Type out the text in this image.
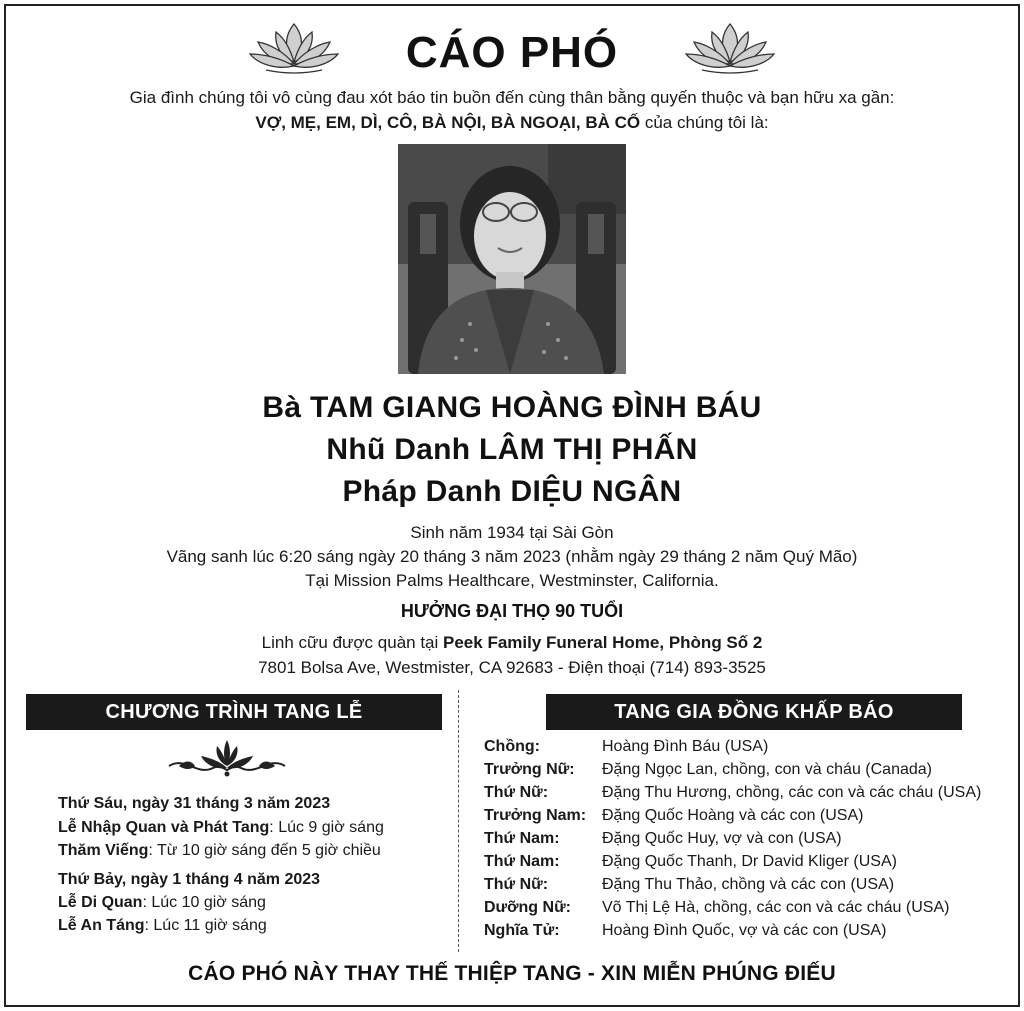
CÁO PHÓ
Gia đình chúng tôi vô cùng đau xót báo tin buồn đến cùng thân bằng quyến thuộc và bạn hữu xa gần:
VỢ, MẸ, EM, DÌ, CÔ, BÀ NỘI, BÀ NGOẠI, BÀ CỐ của chúng tôi là:
Bà TAM GIANG HOÀNG ĐÌNH BÁU
Nhũ Danh LÂM THỊ PHẤN
Pháp Danh DIỆU NGÂN
Sinh năm 1934 tại Sài Gòn
Vãng sanh lúc 6:20 sáng ngày 20 tháng 3 năm 2023 (nhằm ngày 29 tháng 2 năm Quý Mão)
Tại Mission Palms Healthcare, Westminster, California.
HƯỞNG ĐẠI THỌ 90 TUỔI
Linh cữu được quàn tại Peek Family Funeral Home, Phòng Số 2
7801 Bolsa Ave, Westmister, CA 92683 - Điện thoại (714) 893-3525
CHƯƠNG TRÌNH TANG LỄ	TANG GIA ĐỒNG KHẤP BÁO
Thứ Sáu, ngày 31 tháng 3 năm 2023
Lễ Nhập Quan và Phát Tang: Lúc 9 giờ sáng
Thăm Viếng: Từ 10 giờ sáng đến 5 giờ chiều
Thứ Bảy, ngày 1 tháng 4 năm 2023
Lễ Di Quan: Lúc 10 giờ sáng
Lễ An Táng: Lúc 11 giờ sáng
Chồng:	Hoàng Đình Báu (USA)
Trưởng Nữ: Đặng Ngọc Lan, chồng, con và cháu (Canada)
Thứ Nữ:	Đặng Thu Hương, chồng, các con và các cháu (USA)
Trưởng Nam: Đặng Quốc Hoàng và các con (USA)
Thứ Nam:	Đặng Quốc Huy, vợ và con (USA)
Thứ Nam:	Đặng Quốc Thanh, Dr David Kliger (USA)
Thứ Nữ:	Đặng Thu Thảo, chồng và các con (USA)
Dưỡng Nữ: Võ Thị Lệ Hà, chồng, các con và các cháu (USA)
Nghĩa Tử:	Hoàng Đình Quốc, vợ và các con (USA)
CÁO PHÓ NÀY THAY THẾ THIỆP TANG - XIN MIỄN PHÚNG ĐIẾU
